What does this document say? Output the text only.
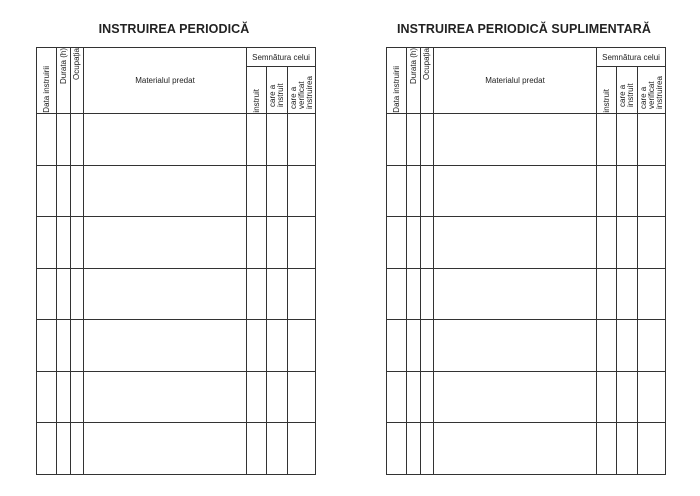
INSTRUIREA PERIODICĂ
Data instruirii	Durata (h)	Ocupația	Materialul predat	Semnătura celui		

				instruit	care a instruit	care a verificat instruirea

INSTRUIREA PERIODICĂ SUPLIMENTARĂ
Data instruirii	Durata (h)	Ocupația	Materialul predat	Semnătura celui		

				instruit	care a instruit	care a verificat instruirea
